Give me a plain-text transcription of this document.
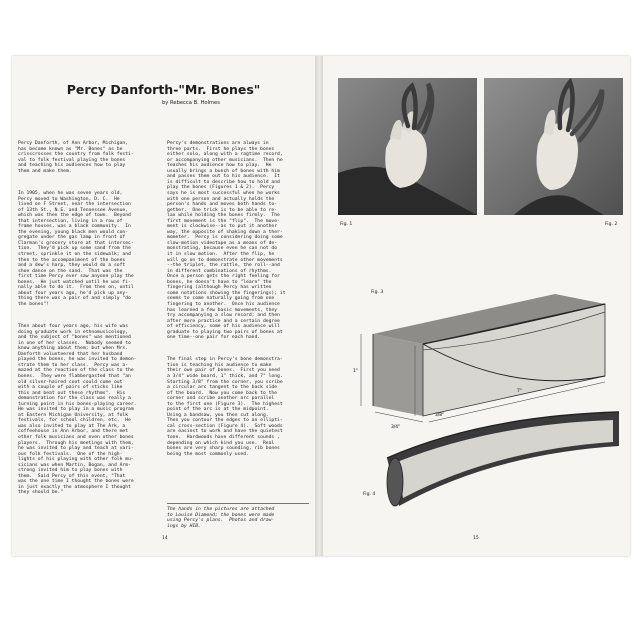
Percy Danforth-"Mr. Bones"
by Rebecca B. Holmes

Percy Danforth, of Ann Arbor, Michigan,
has become known as "Mr. Bones" as he
crisscrosses the country from folk festi-
val to folk festival playing the bones
and teaching his audiences how to play
them and make them.

In 1905, when he was seven years old,
Percy moved to Washington, D. C.  He
lived on F Street, near the intersection
of 13th St., N.E. and Tennessee Avenue,
which was then the edge of town.  Beyond
that intersection, living in a row of
frame houses, was a black community.  In
the evening, young black men would con-
gregate under the gas lamp in front of
Clarman's grocery store at that intersec-
tion.  They'd pick up some sand from the
street, sprinkle it on the sidewalk; and
then to the accompaniment of the bones
and a dew's harp, they would do a soft
shoe dance on the sand.  That was the
first time Percy ever saw anyone play the
bones.  He just watched until he was fi-
nally able to do it.  From then on, until
about four years ago, he'd pick up any-
thing there was a pair of and simply "do
the bones"!

Then about four years ago, his wife was
doing graduate work in ethnomusicology,
and the subject of "bones" was mentioned
in one of her classes.  Nobody seemed to
know anything about them; but when Mrs.
Danforth volunteered that her husband
played the bones, he was invited to demon-
strate them to her class.  Percy was a-
mazed at the reaction of the class to the
bones.  They were flabbergasted that "an
old silver-haired coot could come out
with a couple of pairs of sticks like
this and beat out these rhythms".  His
demonstration for the class was really a
turning point in his bones-playing career.
He was invited to play in a music program
at Eastern Michigan University, at folk
festivals, for school children, etc.  He
was also invited to play at The Ark, a
coffeehouse in Ann Arbor, and there met
other folk musicians and even other bones
players.  Through his meetings with them,
he was invited to play and teach at vari-
ous folk festivals.  One of the high-
lights of his playing with other folk mu-
sicians was when Martin, Bogan, and Arm-
strong invited him to play bones with
them.  Said Percy of this event, "That
was the one time I thought the bones were
in just exactly the atmosphere I thought
they should be."

Percy's demonstrations are always in
three parts.  First he plays the bones
either solo, along with a ragtime record,
or accompanying other musicians.  Then he
teaches his audience how to play.  He
usually brings a bunch of bones with him
and passes them out to his audience.  It
is difficult to describe how to hold and
play the bones (Figures 1 & 2).  Percy
says he is most successful when he works
with one person and actually holds the
person's hands and moves both hands to-
gether.  One trick is to be able to re-
lax while holding the bones firmly.  The
first movement is the "flip".  The move-
ment is clockwise--as to put it another
way, the opposite of shaking down a ther-
mometer.  Percy is considering doing some
slow-motion videotape as a means of de-
monstrating, because even he can not do
it in slow motion.  After the flip, he
will go on to demonstrate other movements
--the triplet, the rattle, the roll--and
in different combinations of rhythms.
Once a person gets the right feeling for
bones, he doesn't have to "learn" the
fingering (although Percy has written
some notations showing the fingerings); it
seems to come naturally going from one
fingering to another.  Once his audience
has learned a few basic movements, they
try accompanying a slow record; and then
after more practice and a certain degree
of efficiency, some of his audience will
graduate to playing two pairs of bones at
one time--one pair for each hand.

The final step in Percy's bone demonstra-
tion is teaching his audience to make
their own pair of bones.  First you need
a 3/4" wide board, 1" thick, and 7" long.
Starting 3/8" from the corner, you scribe
a circular arc tangent to the back side
of the board.  Now you come back to the
corner and scribe another arc parallel
to the first one (Figure 3).  The highest
point of the arc is at the midpoint.
Using a bandsaw, you then cut along.
Then you contour the edges to an ellipti-
cal cross-section (Figure 4).  Soft woods
are easiest to work and have the quietest
tone.  Hardwoods have different sounds ,
depending on which kind you use.  Real
bones are very sharp sounding, rib bones
being the most commonly used.

The hands in the pictures are attached
to Louise Diamond; the bones were made
using Percy's plans.  Photos and draw-
ings by HIB.
14
Fig. 1	Fig. 2
Fig. 3
1"
3/8"
7"
3/4"
Fig. 4
15
